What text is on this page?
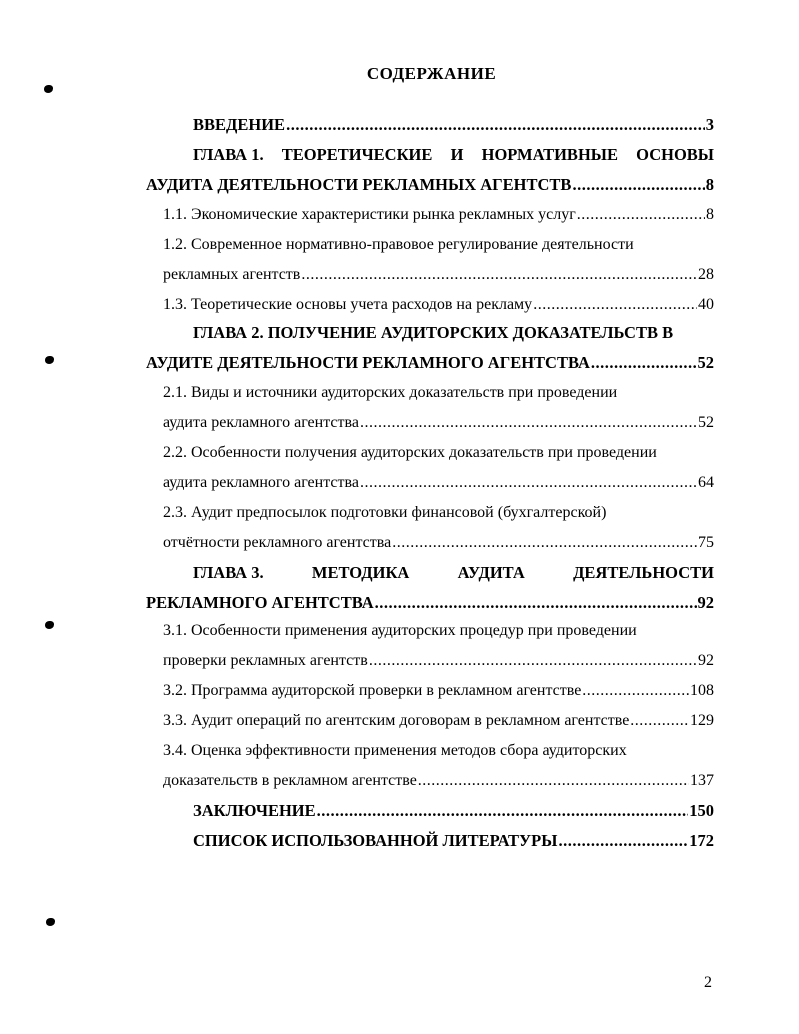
СОДЕРЖАНИЕ
ВВЕДЕНИЕ .....	3
ГЛАВА 1. ТЕОРЕТИЧЕСКИЕ И НОРМАТИВНЫЕ ОСНОВЫ
АУДИТА ДЕЯТЕЛЬНОСТИ РЕКЛАМНЫХ АГЕНТСТВ .....	8
1.1. Экономические характеристики рынка рекламных услуг .....	8
1.2. Современное нормативно-правовое регулирование деятельности
рекламных агентств .....	28
1.3. Теоретические основы учета расходов на рекламу .....	40
ГЛАВА 2. ПОЛУЧЕНИЕ АУДИТОРСКИХ ДОКАЗАТЕЛЬСТВ В
АУДИТЕ ДЕЯТЕЛЬНОСТИ РЕКЛАМНОГО АГЕНТСТВА .....	52
2.1. Виды и источники аудиторских доказательств при проведении
аудита рекламного агентства .....	52
2.2. Особенности получения аудиторских доказательств при проведении
аудита рекламного агентства .....	64
2.3. Аудит предпосылок подготовки финансовой (бухгалтерской)
отчётности рекламного агентства .....	75
ГЛАВА 3.	МЕТОДИКА	АУДИТА	ДЕЯТЕЛЬНОСТИ
РЕКЛАМНОГО АГЕНТСТВА .....	92
3.1. Особенности применения аудиторских процедур при проведении
проверки рекламных агентств .....	92
3.2. Программа аудиторской проверки в рекламном агентстве .....	108
3.3. Аудит операций по агентским договорам в рекламном агентстве .....	129
3.4. Оценка эффективности применения методов сбора аудиторских
доказательств в рекламном агентстве .....	137
ЗАКЛЮЧЕНИЕ .....	150
СПИСОК ИСПОЛЬЗОВАННОЙ ЛИТЕРАТУРЫ .....	172
2
